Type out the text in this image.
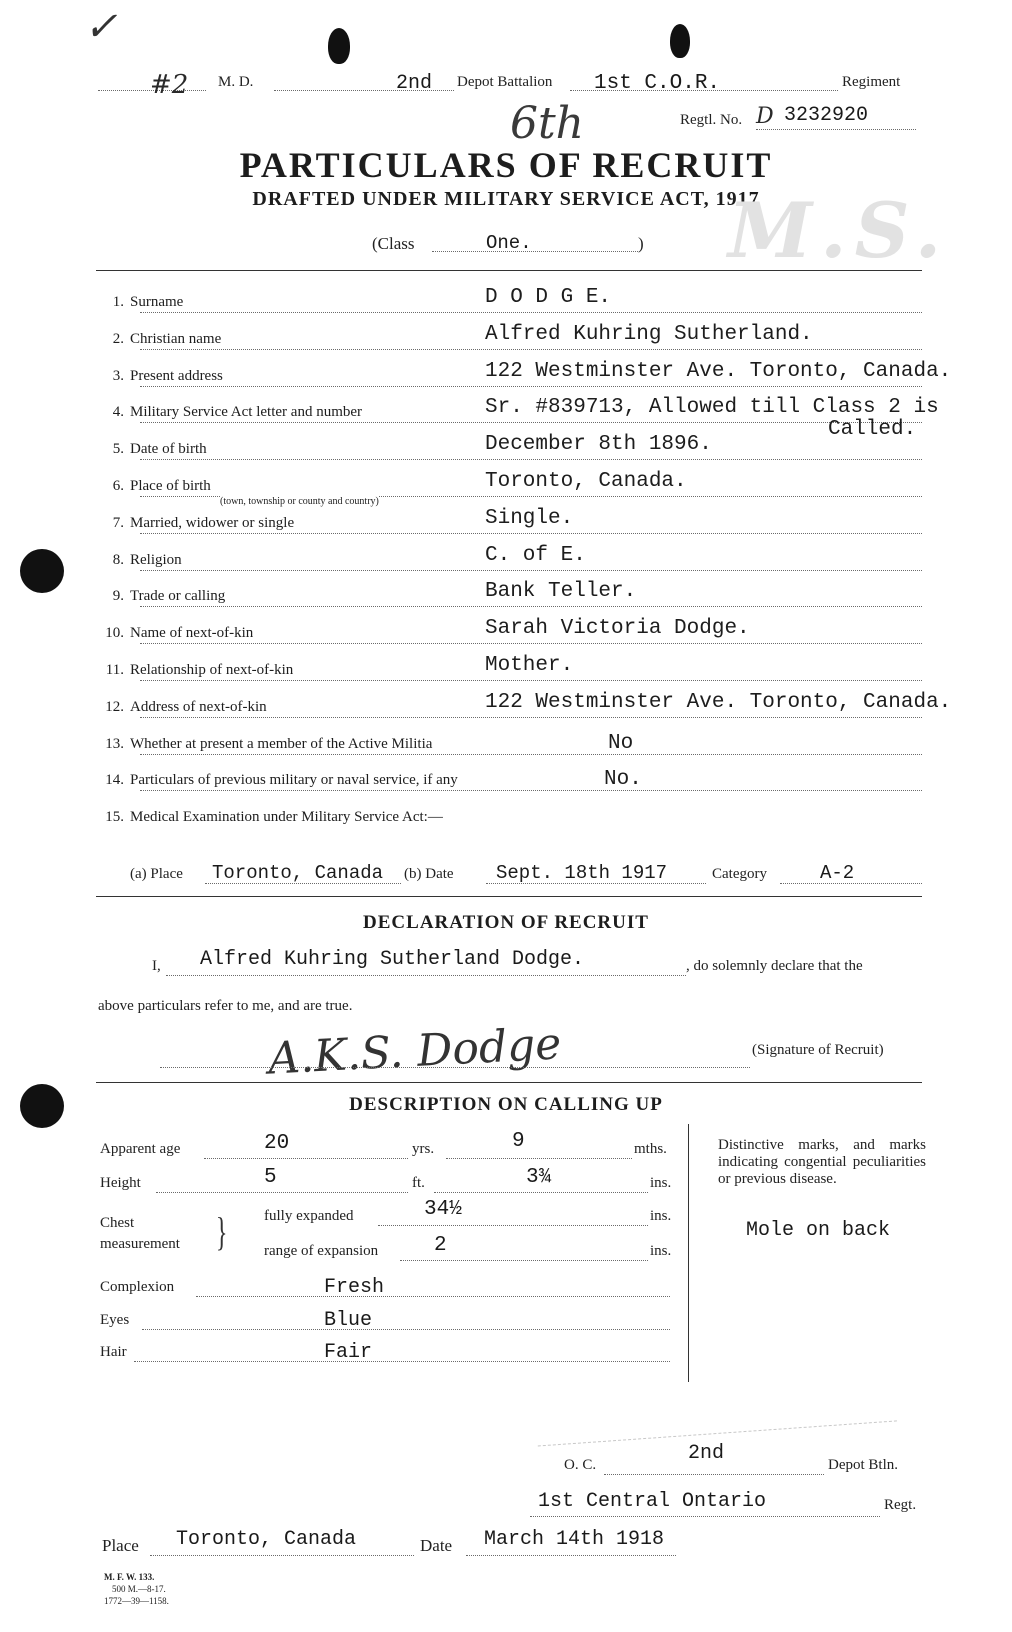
✓
#2 M. D.	2nd Depot Battalion 1st C.O.R.	Regiment
6th	Regtl. No. D 3232920
PARTICULARS OF RECRUIT
DRAFTED UNDER MILITARY SERVICE ACT, 1917
M.S.
(Class	One.	)
1. Surname	D O D G E.
2. Christian name	Alfred Kuhring Sutherland.
3. Present address	122 Westminster Ave. Toronto, Canada.
4. Military Service Act letter and number	Sr. #839713, Allowed till Class 2 is
Called.
5. Date of birth	December 8th 1896.
6. Place of birth
(town, township or county and country)
Toronto, Canada.
7. Married, widower or single	Single.
8. Religion	C. of E.
9. Trade or calling	Bank Teller.
10. Name of next-of-kin	Sarah Victoria Dodge.
11. Relationship of next-of-kin	Mother.
12. Address of next-of-kin	122 Westminster Ave. Toronto, Canada.
13. Whether at present a member of the Active Militia	No
14. Particulars of previous military or naval service, if any	No.
15. Medical Examination under Military Service Act:—
(a) Place Toronto, Canada (b) Date Sept. 18th 1917	Category	A-2
DECLARATION OF RECRUIT
I, Alfred Kuhring Sutherland Dodge.	, do solemnly declare that the
above particulars refer to me, and are true.
A.K.S. Dodge	(Signature of Recruit)
DESCRIPTION ON CALLING UP
Apparent age	20	yrs.	9	mths.
Height	5	ft.	3¾	ins.
Chest
measurement } fully expanded	34½	ins.
range of expansion	2	ins.
Complexion	Fresh
Eyes	Blue
Hair	Fair
Distinctive marks, and marks indicating congential peculiarities or previous disease.
Mole on back
O. C.	2nd	Depot Btln.
1st Central Ontario	Regt.
Place Toronto, Canada	Date March 14th 1918
M. F. W. 133.
500 M.—8-17.
1772—39—1158.
